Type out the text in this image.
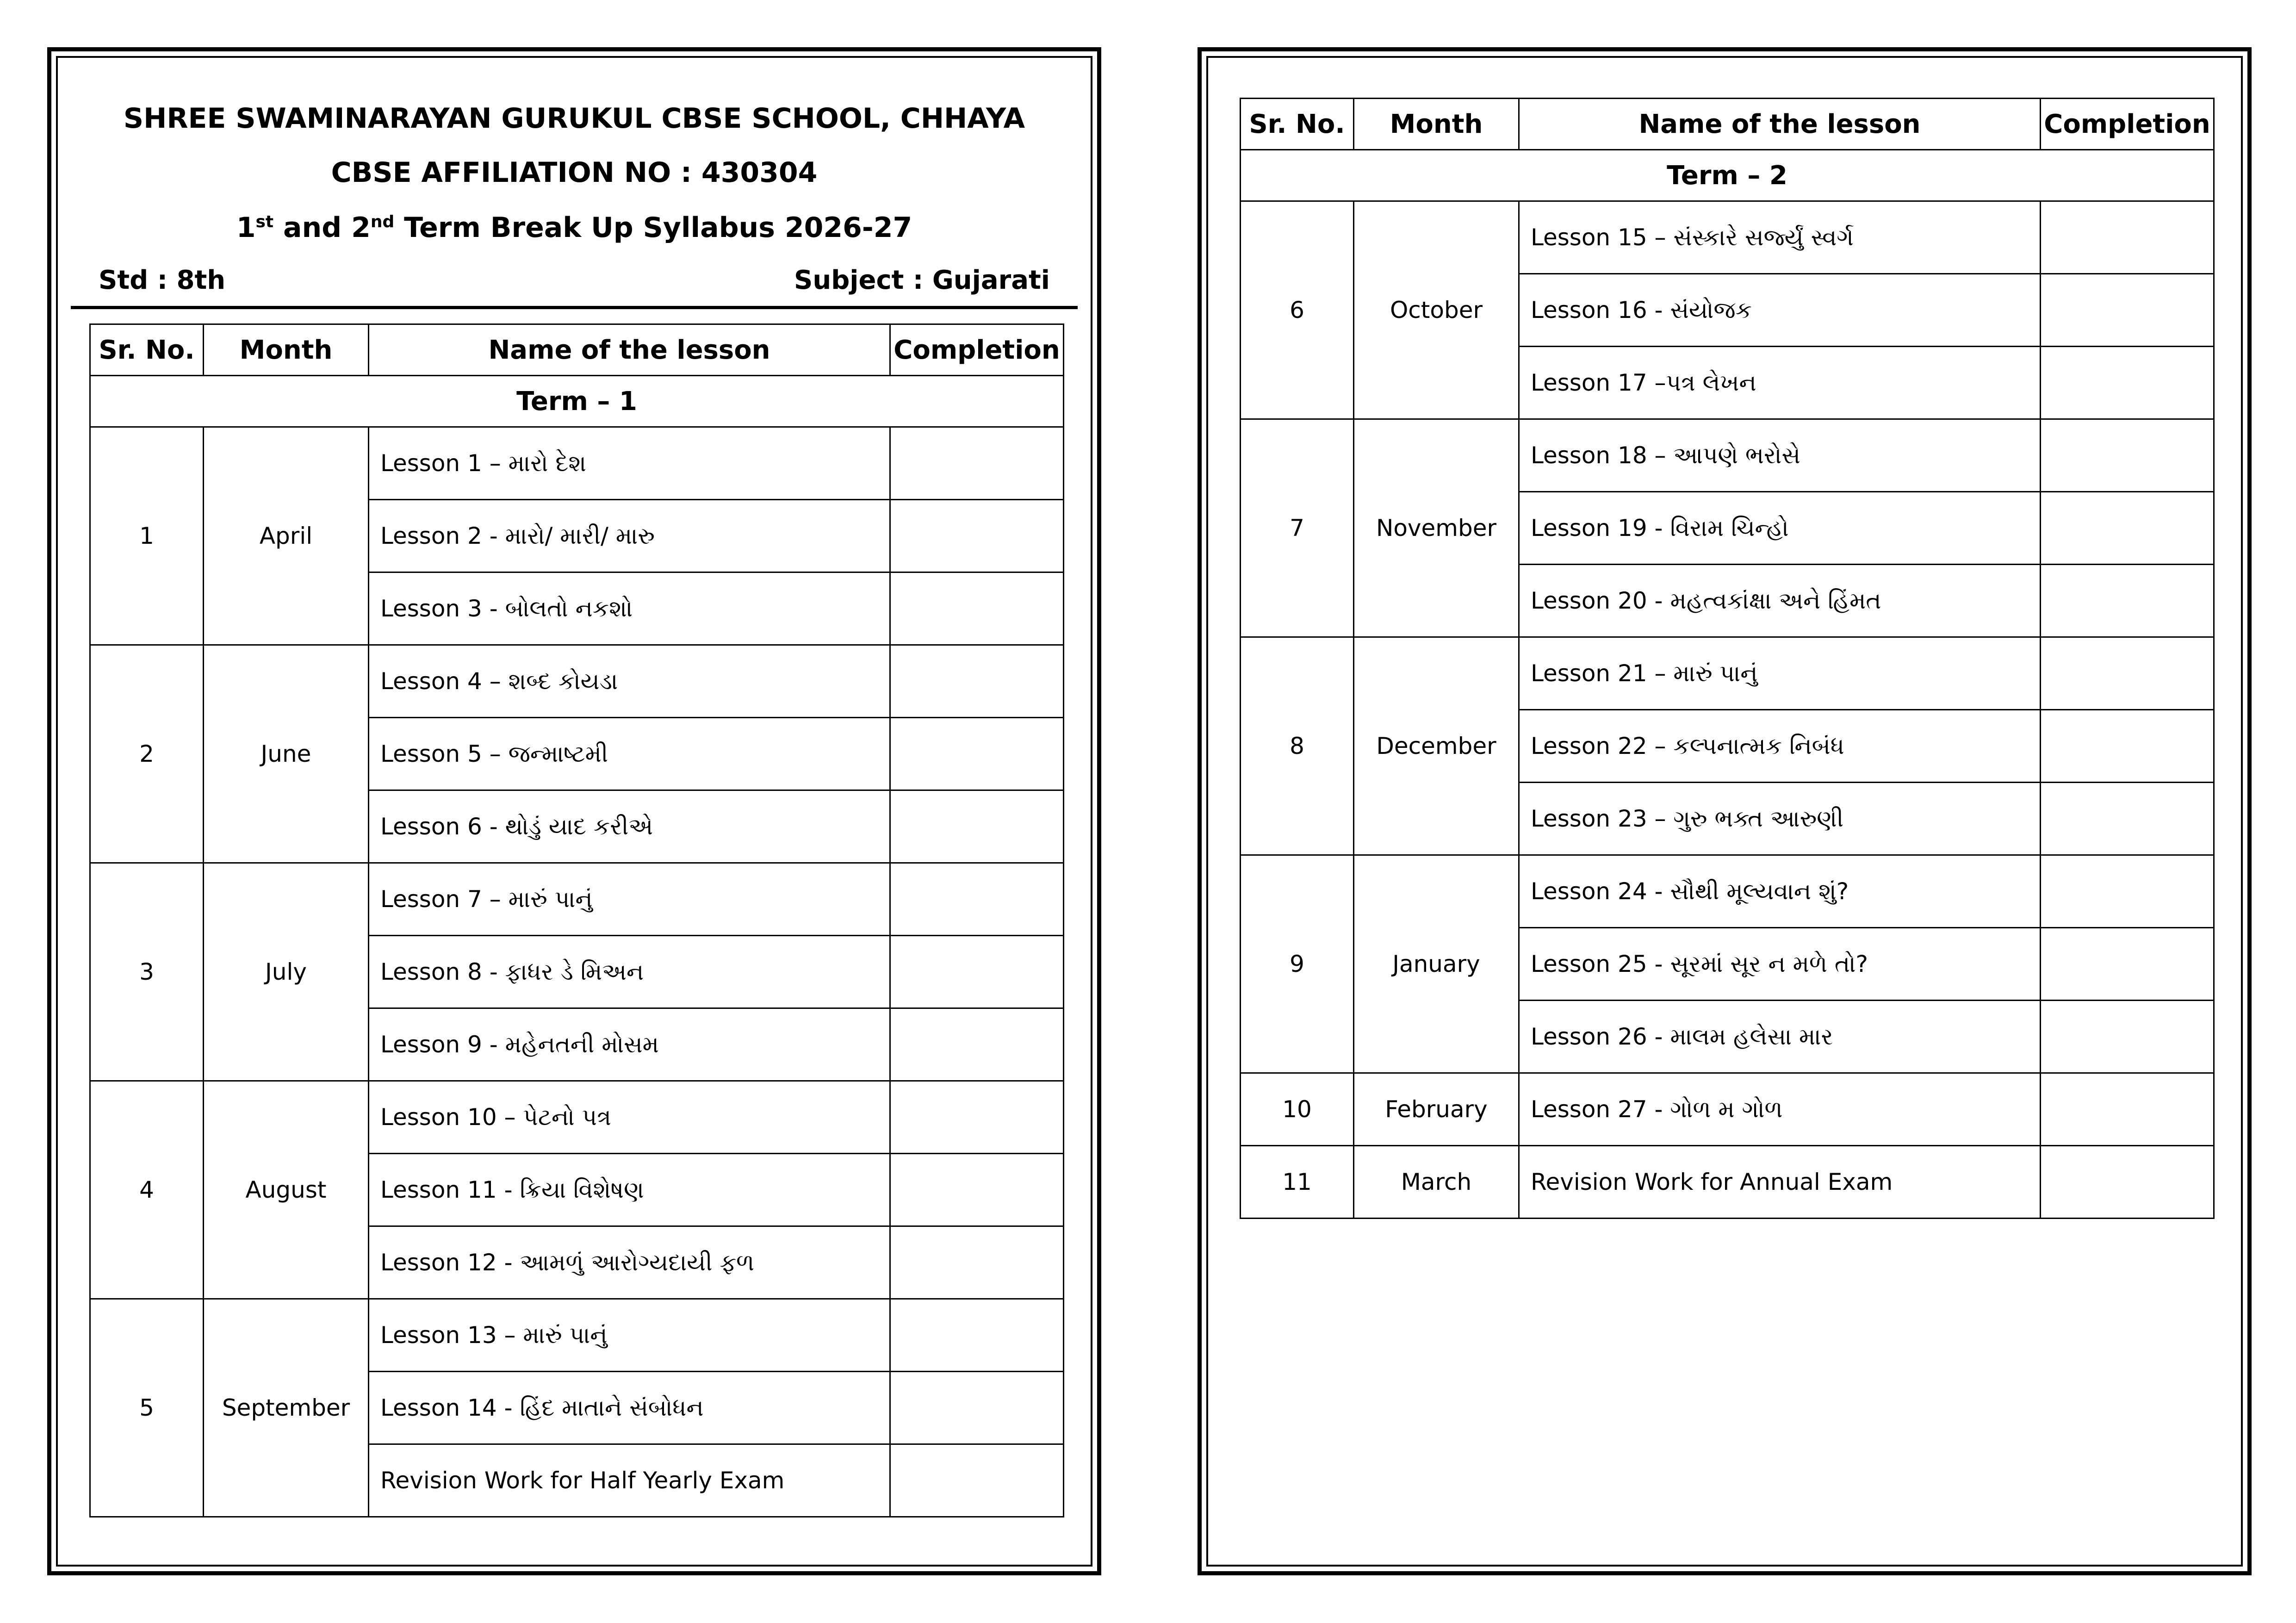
SHREE SWAMINARAYAN GURUKUL CBSE SCHOOL, CHHAYA
CBSE AFFILIATION NO : 430304
1st and 2nd Term Break Up Syllabus 2026-27
Std : 8th	Subject : Gujarati
Sr. No.	Month	Name of the lesson	Completion
Term – 1			
1	April	Lesson 1 – મારો દેશ	
		Lesson 2 - મારો/ મારી/ મારુ	
		Lesson 3 - બોલતો નકશો	
2	June	Lesson 4 – શબ્દ કોયડા	
		Lesson 5 – જન્માષ્ટમી	
		Lesson 6 - થોડું યાદ કરીએ	
3	July	Lesson 7 – મારું પાનું	
		Lesson 8 - ફાધર ડે મિઅન	
		Lesson 9 - મહેનતની મોસમ	
4	August	Lesson 10 – પેટનો પત્ર	
		Lesson 11 - ક્રિયા વિશેષણ	
		Lesson 12 - આમળું આરોગ્યદાયી ફળ	
5	September	Lesson 13 – મારું પાનું	
		Lesson 14 - હિંદ માતાને સંબોધન	
		Revision Work for Half Yearly Exam	
Sr. No.	Month	Name of the lesson	Completion
Term – 2			
6	October	Lesson 15 – સંસ્કારે સર્જ્યું સ્વર્ગ	
		Lesson 16 - સંયોજક	
		Lesson 17 –પત્ર લેખન	
7	November	Lesson 18 – આપણે ભરોસે	
		Lesson 19 - વિરામ ચિન્હો	
		Lesson 20 - મહત્વકાંક્ષા અને હિંમત	
8	December	Lesson 21 – મારું પાનું	
		Lesson 22 – કલ્પનાત્મક નિબંધ	
		Lesson 23 – ગુરુ ભક્ત આરુણી	
9	January	Lesson 24 - સૌથી મૂલ્યવાન શું?	
		Lesson 25 - સૂરમાં સૂર ન મળે તો?	
		Lesson 26 - માલમ હલેસા માર	
10	February	Lesson 27 - ગોળ મ ગોળ	
11	March	Revision Work for Annual Exam	
